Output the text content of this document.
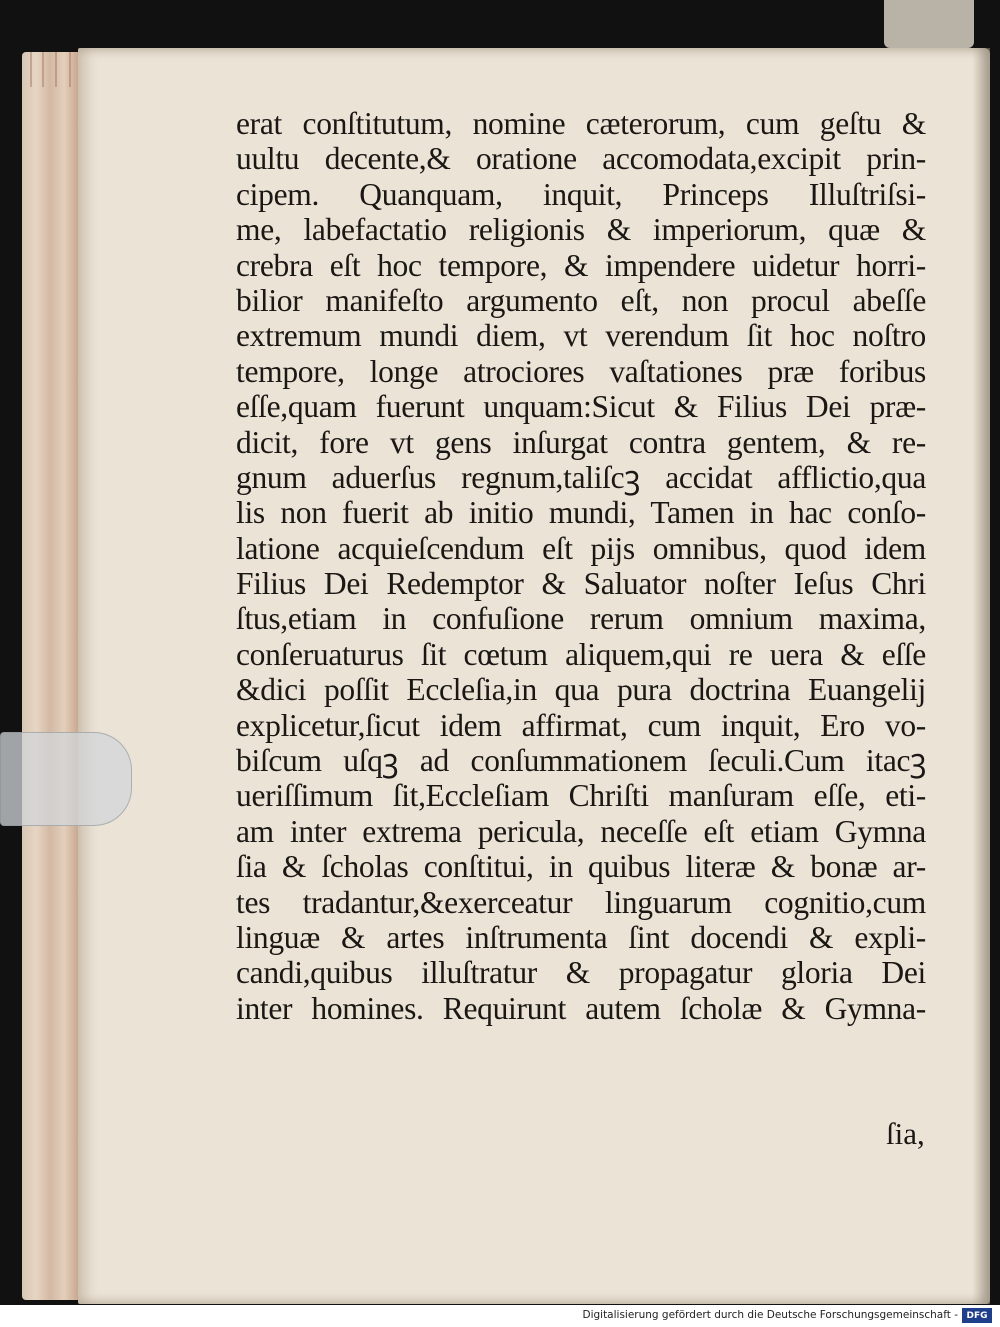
erat conſtitutum, nomine cæterorum, cum geſtu &
uultu decente,& oratione accomodata,excipit prin-
cipem. Quanquam, inquit, Princeps Illuſtriſsi-
me, labefactatio religionis & imperiorum, quæ &
crebra eſt hoc tempore, & impendere uidetur horri-
bilior manifeſto argumento eſt, non procul abeſſe
extremum mundi diem, vt verendum ſit hoc noſtro
tempore, longe atrociores vaſtationes præ foribus
eſſe,quam fuerunt unquam:Sicut & Filius Dei præ-
dicit, fore vt gens inſurgat contra gentem, & re-
gnum aduerſus regnum,taliſcꝫ accidat afflictio,qua
lis non fuerit ab initio mundi, Tamen in hac conſo-
latione acquieſcendum eſt pijs omnibus, quod idem
Filius Dei Redemptor & Saluator noſter Ieſus Chri
ſtus,etiam in confuſione rerum omnium maxima,
conſeruaturus ſit cœtum aliquem,qui re uera & eſſe
&dici poſſit Eccleſia,in qua pura doctrina Euangelij
explicetur,ſicut idem affirmat, cum inquit, Ero vo-
biſcum uſqꝫ ad conſummationem ſeculi.Cum itacꝫ
ueriſſimum ſit,Eccleſiam Chriſti manſuram eſſe, eti-
am inter extrema pericula, neceſſe eſt etiam Gymna
ſia & ſcholas conſtitui, in quibus literæ & bonæ ar-
tes tradantur,&exerceatur linguarum cognitio,cum
linguæ & artes inſtrumenta ſint docendi & expli-
candi,quibus illuſtratur & propagatur gloria Dei
inter homines. Requirunt autem ſcholæ & Gymna-
ſia,
Digitalisierung gefördert durch die Deutsche Forschungsgemeinschaft - DFG
